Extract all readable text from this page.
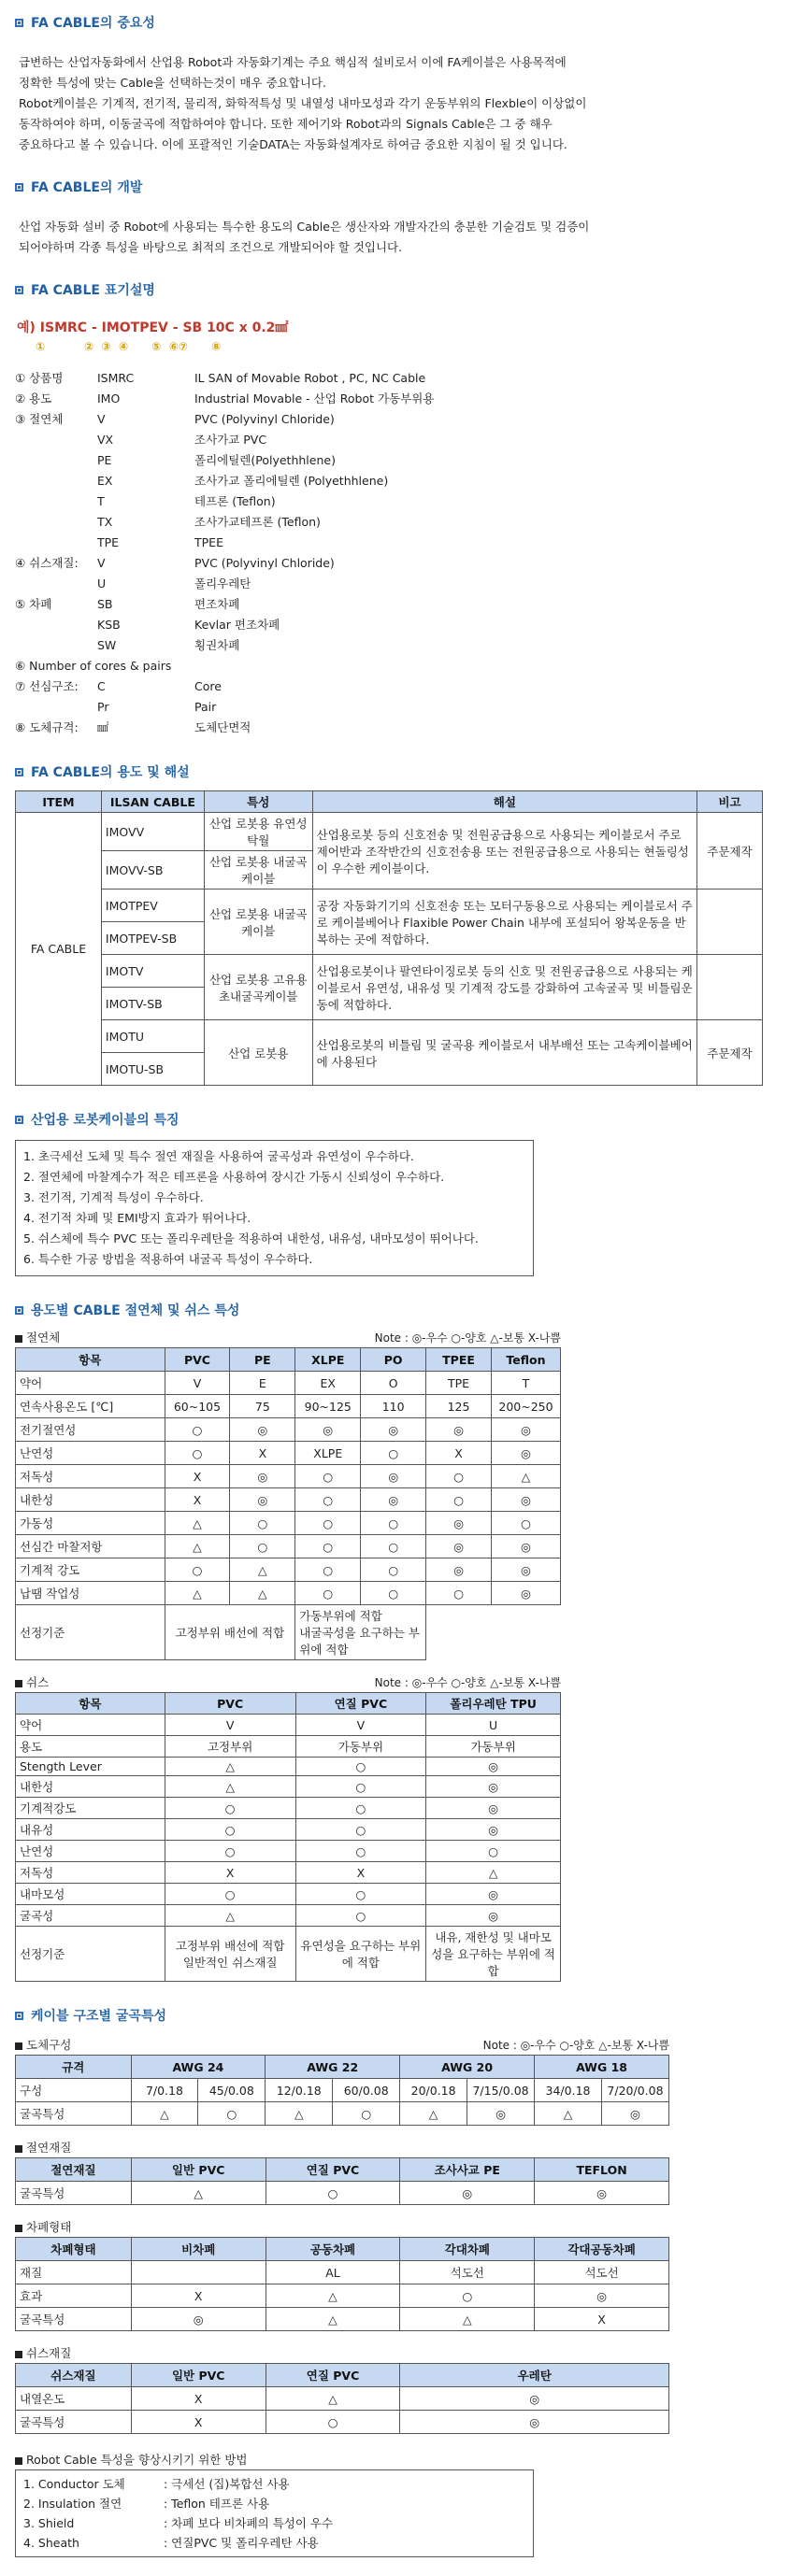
FA CABLE의 중요성

급변하는 산업자동화에서 산업용 Robot과 자동화기계는 주요 핵심적 설비로서 이에 FA케이블은 사용목적에

정확한 특성에 맞는 Cable을 선택하는것이 매우 중요합니다.

Robot케이블은 기계적, 전기적, 물리적, 화학적특성 및 내열성 내마모성과 각기 운동부위의 Flexble이 이상없이

동작하여야 하며, 이동굴곡에 적합하여야 합니다. 또한 제어기와 Robot과의 Signals Cable은 그 중 해우

중요하다고 볼 수 있습니다. 이에 포괄적인 기술DATA는 자동화설계자로 하여금 중요한 지침이 될 것 입니다.

FA CABLE의 개발

산업 자동화 설비 중 Robot에 사용되는 특수한 용도의 Cable은 생산자와 개발자간의 충분한 기술검토 및 검증이

되어야하며 각종 특성을 바탕으로 최적의 조건으로 개발되어야 할 것입니다.

FA CABLE 표기설명
예) ISMRC - IMOTPEV - SB 10C x 0.2㎟
①          ②  ③  ④      ⑤  ⑥⑦      ⑧
① 상품명	ISMRC	IL SAN of Movable Robot , PC, NC Cable
② 용도	IMO	Industrial Movable - 산업 Robot 가동부위용
③ 절연체	V	PVC (Polyvinyl Chloride)
VX	조사가교 PVC
PE	폴리에틸렌(Polyethhlene)
EX	조사가교 폴리에틸렌 (Polyethhlene)
T	테프론 (Teflon)
TX	조사가교테프론 (Teflon)
TPE	TPEE
④ 쉬스재질:	V	PVC (Polyvinyl Chloride)
U	폴리우레탄
⑤ 차폐	SB	편조차폐
KSB	Kevlar 편조차폐
SW	횡권차폐
⑥ Number of cores & pairs
⑦ 선심구조:	C	Core
Pr	Pair
⑧ 도체규격:	㎟	도체단면적
FA CABLE의 용도 및 해설
ITEM	ILSAN CABLE	특성	해설	비고
FA CABLE	IMOVV	산업 로봇용 유연성탁월	산업용로봇 등의 신호전송 및 전원공급용으로 사용되는 케이블로서 주로 제어반과 조작반간의 신호전송용 또는 전원공급용으로 사용되는 현돌링성이 우수한 케이블이다.	주문제작
	IMOVV-SB	산업 로봇용 내굴곡케이블		
	IMOTPEV	산업 로봇용 내굴곡케이블	공장 자동화기기의 신호전송 또는 모터구동용으로 사용되는 케이블로서 주로 케이블베어나 Flaxible Power Chain 내부에 포설되어 왕복운동을 반복하는 곳에 적합하다.	
	IMOTPEV-SB			
	IMOTV	산업 로봇용 고유용 초내굴곡케이블	산업용로봇이나 팔연타이징로봇 등의 신호 및 전원공급용으로 사용되는 케이블로서 유연성, 내유성 및 기계적 강도를 강화하여 고속굴곡 및 비틀림운동에 적합하다.	
	IMOTV-SB			
	IMOTU	산업 로봇용	산업용로봇의 비틀림 및 굴곡용 케이블로서 내부배선 또는 고속케이블베어에 사용된다	주문제작
	IMOTU-SB			
산업용 로봇케이블의 특징
1. 초극세선 도체 및 특수 절연 재질을 사용하여 굴곡성과 유연성이 우수하다.
2. 절연체에 마찰계수가 적은 테프론을 사용하여 장시간 가동시 신뢰성이 우수하다.
3. 전기적, 기계적 특성이 우수하다.
4. 전기적 차폐 및 EMI방지 효과가 뛰어나다.
5. 쉬스체에 특수 PVC 또는 폴리우레탄을 적용하여 내한성, 내유성, 내마모성이 뛰어나다.
6. 특수한 가공 방법을 적용하여 내굴곡 특성이 우수하다.
용도별 CABLE 절연체 및 쉬스 특성
절연체	Note : ◎-우수 ○-양호 △-보통 X-나쁨
항목	PVC	PE	XLPE	PO	TPEE	Teflon
약어	V	E	EX	O	TPE	T
연속사용온도 [℃]	60~105	75	90~125	110	125	200~250
전기절연성	○	◎	◎	◎	◎	◎
난연성	○	X	XLPE	○	X	◎
저독성	X	◎	○	◎	○	△
내한성	X	◎	○	◎	○	◎
가동성	△	○	○	○	◎	○
선심간 마찰저항	△	○	○	○	◎	◎
기계적 강도	○	△	○	○	◎	◎
납땜 작업성	△	△	○	○	○	◎
선정기준	고정부위 배선에 적합		가동부위에 적합
내굴곡성을 요구하는 부위에 적합			
쉬스	Note : ◎-우수 ○-양호 △-보통 X-나쁨
항목	PVC	연질 PVC	폴리우레탄 TPU
약어	V	V	U
용도	고정부위	가동부위	가동부위
Stength Lever	△	○	◎
내한성	△	○	◎
기계적강도	○	○	◎
내유성	○	○	◎
난연성	○	○	○
저독성	X	X	△
내마모성	○	○	◎
굴곡성	△	○	◎
선정기준	고정부위 배선에 적합 일반적인 쉬스재질	유연성을 요구하는 부위에 적합	내유, 재한성 및 내마모성을 요구하는 부위에 적합
케이블 구조별 굴곡특성
도체구성	Note : ◎-우수 ○-양호 △-보통 X-나쁨
규격	AWG 24		AWG 22		AWG 20		AWG 18	
구성	7/0.18	45/0.08	12/0.18	60/0.08	20/0.18	7/15/0.08	34/0.18	7/20/0.08
굴곡특성	△	○	△	○	△	◎	△	◎
절연재질
절연재질	일반 PVC	연질 PVC	조사사교 PE	TEFLON
굴곡특성	△	○	◎	◎
차폐형태
차폐형태	비차폐	공동차폐	각대차폐	각대공동차폐
재질		AL	석도선	석도선
효과	X	△	○	◎
굴곡특성	◎	△	△	X
쉬스재질
쉬스재질	일반 PVC	연질 PVC	우레탄
내열온도	X	△	◎
굴곡특성	X	○	◎
Robot Cable 특성을 향상시키기 위한 방법
1. Conductor 도체	: 극세선 (집)복합선 사용
2. Insulation 절연	: Teflon 테프론 사용
3. Shield	: 차폐 보다 비차폐의 특성이 우수
4. Sheath	: 연질PVC 및 폴리우레탄 사용
